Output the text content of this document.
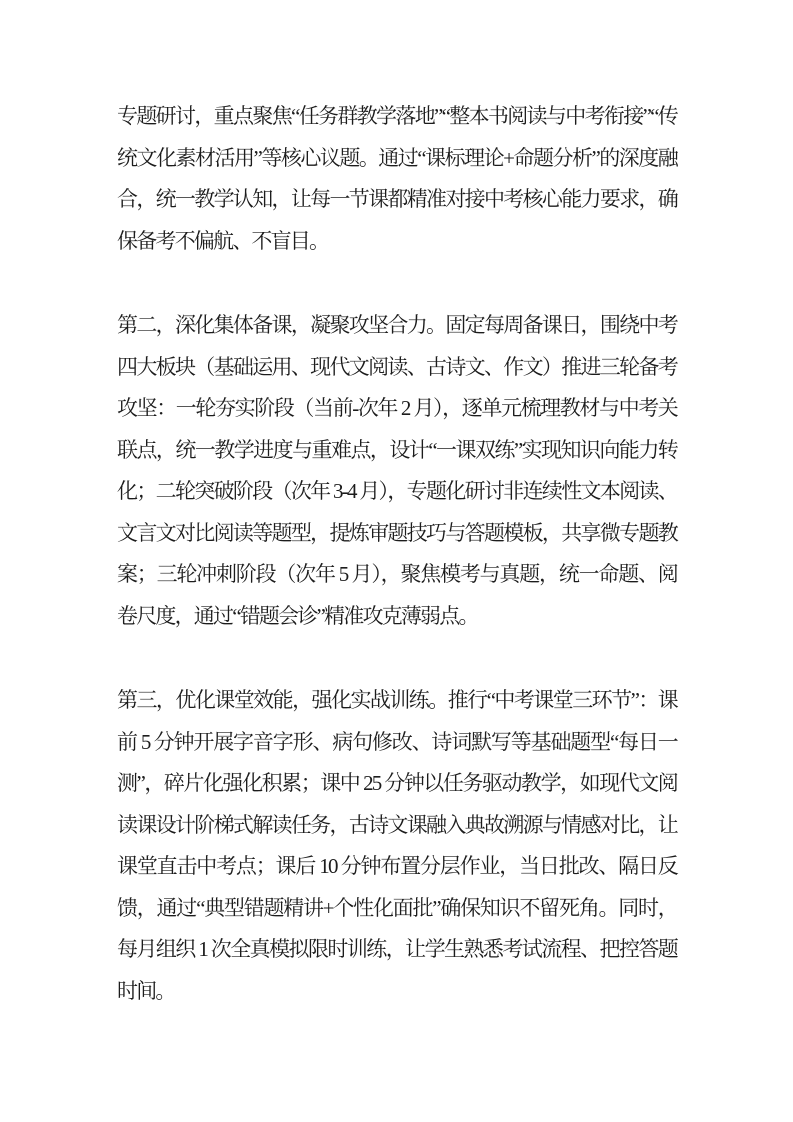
专题研讨，重点聚焦“任务群教学落地”“整本书阅读与中考衔接”“传统文化素材活用”等核心议题。通过“课标理论+命题分析”的深度融合，统一教学认知，让每一节课都精准对接中考核心能力要求，确保备考不偏航、不盲目。

第二，深化集体备课，凝聚攻坚合力。固定每周备课日，围绕中考四大板块（基础运用、现代文阅读、古诗文、作文）推进三轮备考攻坚：一轮夯实阶段（当前-次年 2 月），逐单元梳理教材与中考关联点，统一教学进度与重难点，设计“一课双练”实现知识向能力转化；二轮突破阶段（次年 3-4 月），专题化研讨非连续性文本阅读、文言文对比阅读等题型，提炼审题技巧与答题模板，共享微专题教案；三轮冲刺阶段（次年 5 月），聚焦模考与真题，统一命题、阅卷尺度，通过“错题会诊”精准攻克薄弱点。

第三，优化课堂效能，强化实战训练。推行“中考课堂三环节”：课前 5 分钟开展字音字形、病句修改、诗词默写等基础题型“每日一测”，碎片化强化积累；课中 25 分钟以任务驱动教学，如现代文阅读课设计阶梯式解读任务，古诗文课融入典故溯源与情感对比，让课堂直击中考点；课后 10 分钟布置分层作业，当日批改、隔日反馈，通过“典型错题精讲+个性化面批”确保知识不留死角。同时，每月组织 1 次全真模拟限时训练，让学生熟悉考试流程、把控答题时间。
